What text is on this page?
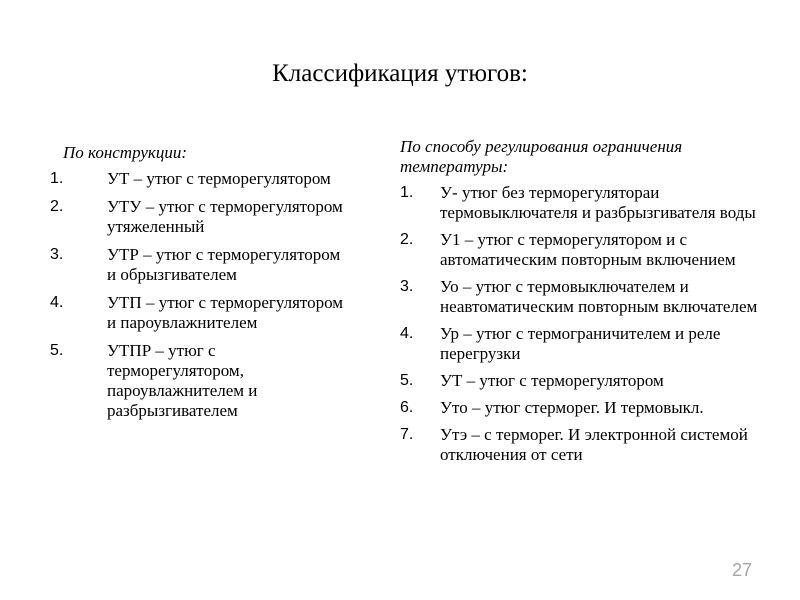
Классификация утюгов:
По конструкции:
1.	УТ – утюг с терморегулятором
2.	УТУ – утюг с терморегулятором утяжеленный
3.	УТР – утюг с терморегулятором и обрызгивателем
4.	УТП – утюг с терморегулятором и пароувлажнителем
5.	УТПР – утюг с терморегулятором, пароувлажнителем и разбрызгивателем
По способу регулирования ограничения температуры:
1.	У- утюг без терморегулятораи термовыключателя и разбрызгивателя воды
2.	У1 – утюг с терморегулятором и с автоматическим повторным включением
3.	Уо – утюг с термовыключателем и неавтоматическим повторным включателем
4.	Ур – утюг с термограничителем и реле перегрузки
5.	УТ – утюг с терморегулятором
6.	Уто – утюг стерморег. И термовыкл.
7.	Утэ – с терморег. И электронной системой отключения от сети
27
